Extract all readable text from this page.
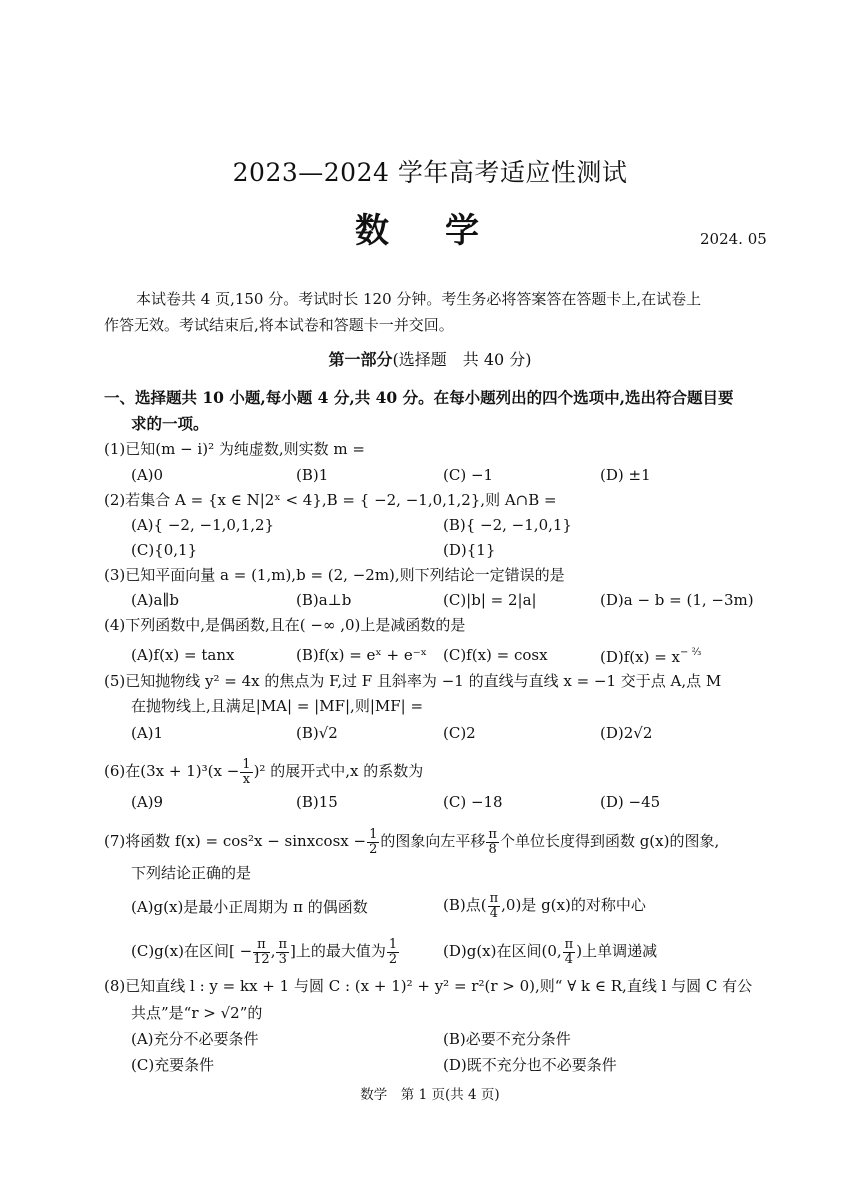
2023—2024 学年高考适应性测试
数学	2024. 05
本试卷共 4 页,150 分。考试时长 120 分钟。考生务必将答案答在答题卡上,在试卷上
作答无效。考试结束后,将本试卷和答题卡一并交回。
第一部分(选择题　共 40 分)
一、选择题共 10 小题,每小题 4 分,共 40 分。在每小题列出的四个选项中,选出符合题目要
求的一项。
(1)已知(m − i)² 为纯虚数,则实数 m =
(A)0	(B)1	(C) −1	(D) ±1
(2)若集合 A = {x ∈ N|2ˣ < 4},B = { −2, −1,0,1,2},则 A∩B =
(A){ −2, −1,0,1,2}	(B){ −2, −1,0,1}
(C){0,1}	(D){1}
(3)已知平面向量 a = (1,m),b = (2, −2m),则下列结论一定错误的是
(A)a∥b	(B)a⊥b	(C)|b| = 2|a|	(D)a − b = (1, −3m)
(4)下列函数中,是偶函数,且在( −∞ ,0)上是减函数的是
(A)f(x) = tanx	(B)f(x) = eˣ + e⁻ˣ (C)f(x) = cosx	$(D)f(x) = x^{- ^2⁄_3}$
(5)已知抛物线 y² = 4x 的焦点为 F,过 F 且斜率为 −1 的直线与直线 x = −1 交于点 A,点 M
在抛物线上,且满足|MA| = |MF|,则|MF| =
(A)1	(B)√2	(C)2	(D)2√2
(6)在$(3x + 1)^3(x - \frac{1}{x} )^2$ 的展开式中,x 的系数为
(A)9	(B)15	(C) −18	(D) −45
(7)将函数 f(x) = cos²x − sinxcosx − $\frac{1}{2}$ 的图象向左平移 $\frac{\pi}{8}$ 个单位长度得到函数 g(x)的图象,
下列结论正确的是
(A)g(x)是最小正周期为 π 的偶函数	(B)点( $\frac{\pi}{4} ,0$)是 g(x)的对称中心
(C)g(x)在区间[ − $\frac{\pi}{12}$ , $\frac{\pi}{3}$ ]上的最大值为 $\frac{1}{2}$	(D)g(x)在区间(0, $\frac{\pi}{4}$ )上单调递减
(8)已知直线 l : y = kx + 1 与圆 C : (x + 1)² + y² = r²(r > 0),则“ ∀ k ∈ R,直线 l 与圆 C 有公
共点”是“r > √2”的
(A)充分不必要条件	(B)必要不充分条件
(C)充要条件	(D)既不充分也不必要条件
数学　第 1 页(共 4 页)
